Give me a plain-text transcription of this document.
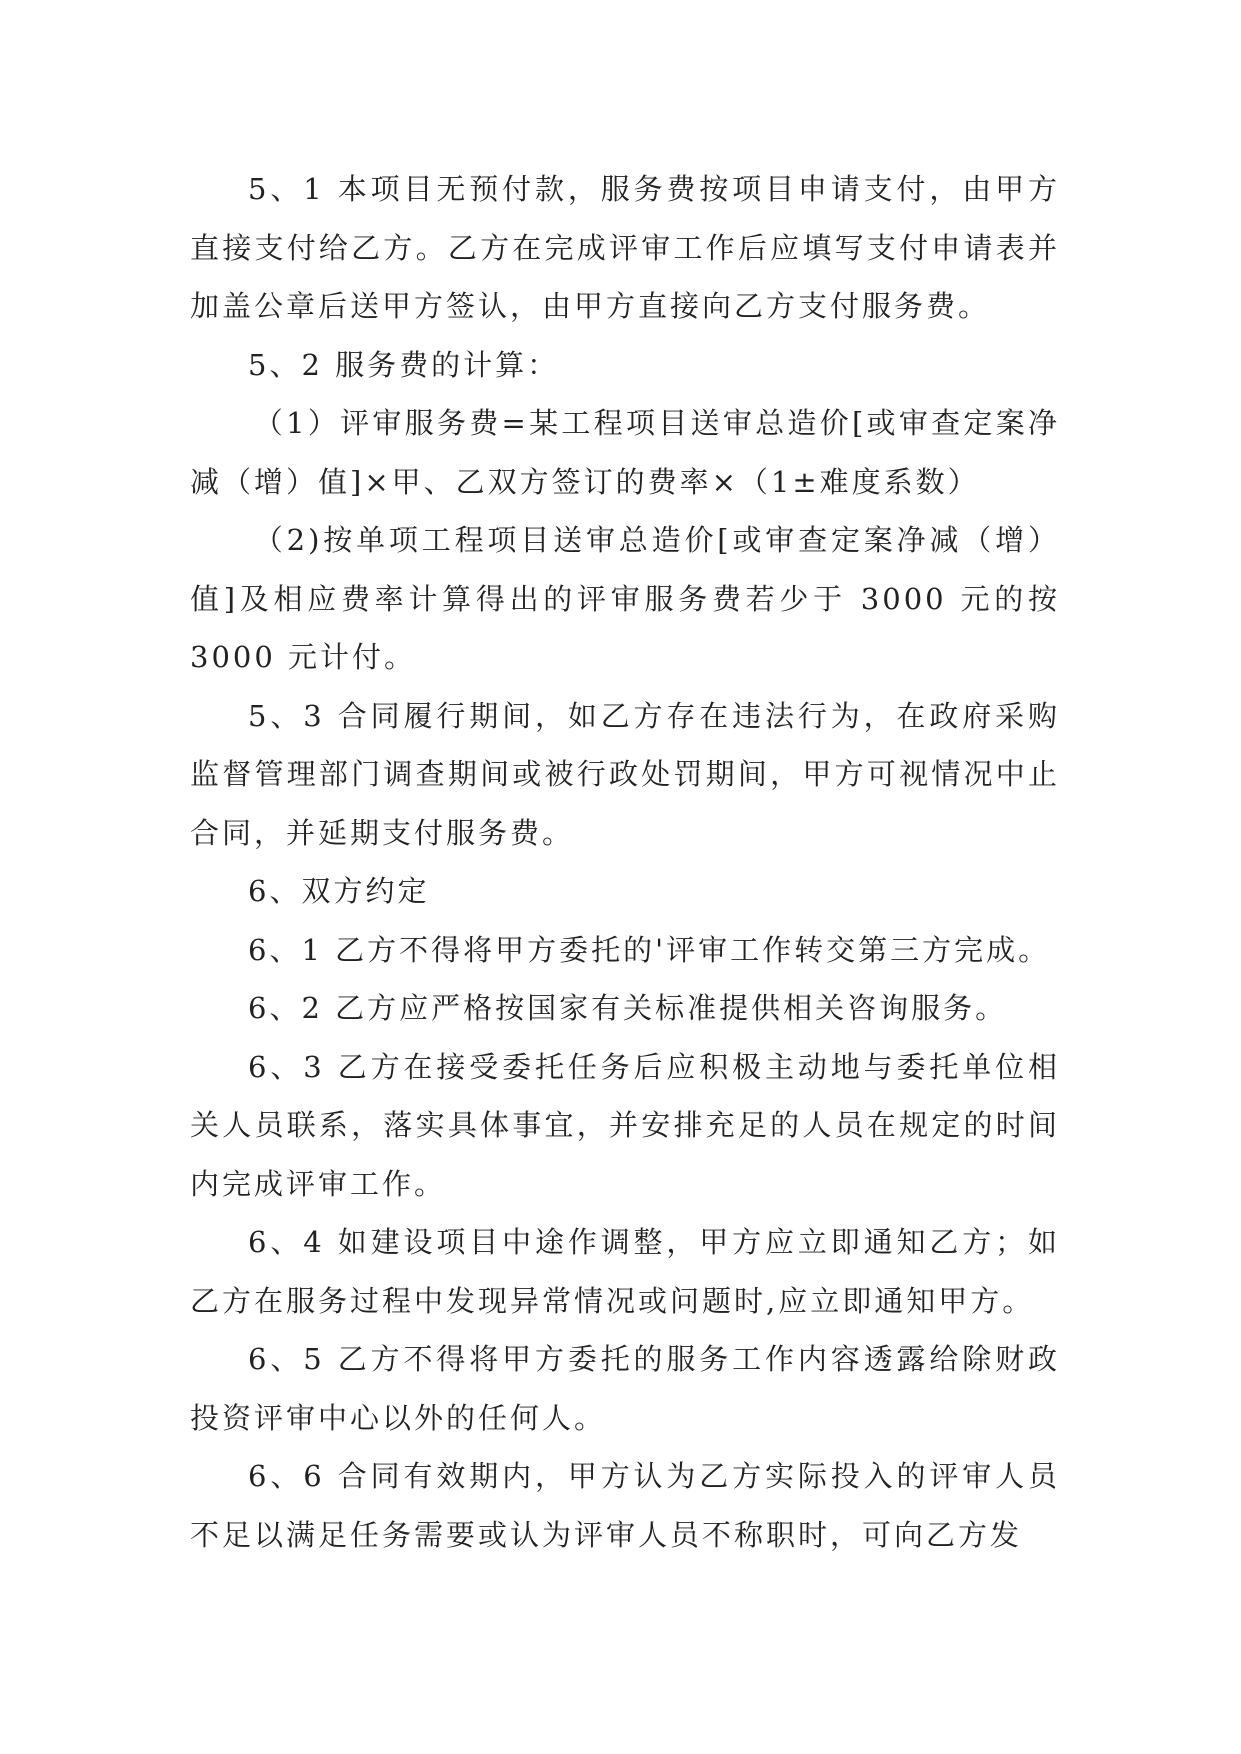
5、1 本项目无预付款，服务费按项目申请支付，由甲方直接支付给乙方。乙方在完成评审工作后应填写支付申请表并加盖公章后送甲方签认，由甲方直接向乙方支付服务费。

5、2 服务费的计算：

（1）评审服务费=某工程项目送审总造价[或审查定案净减（增）值]×甲、乙双方签订的费率×（1±难度系数）

（2)按单项工程项目送审总造价[或审查定案净减（增）值]及相应费率计算得出的评审服务费若少于 3000 元的按 3000 元计付。

5、3 合同履行期间，如乙方存在违法行为，在政府采购监督管理部门调查期间或被行政处罚期间，甲方可视情况中止合同，并延期支付服务费。

6、双方约定

6、1 乙方不得将甲方委托的'评审工作转交第三方完成。

6、2 乙方应严格按国家有关标准提供相关咨询服务。

6、3 乙方在接受委托任务后应积极主动地与委托单位相关人员联系，落实具体事宜，并安排充足的人员在规定的时间内完成评审工作。

6、4 如建设项目中途作调整，甲方应立即通知乙方；如乙方在服务过程中发现异常情况或问题时,应立即通知甲方。

6、5 乙方不得将甲方委托的服务工作内容透露给除财政投资评审中心以外的任何人。

6、6 合同有效期内，甲方认为乙方实际投入的评审人员不足以满足任务需要或认为评审人员不称职时，可向乙方发
